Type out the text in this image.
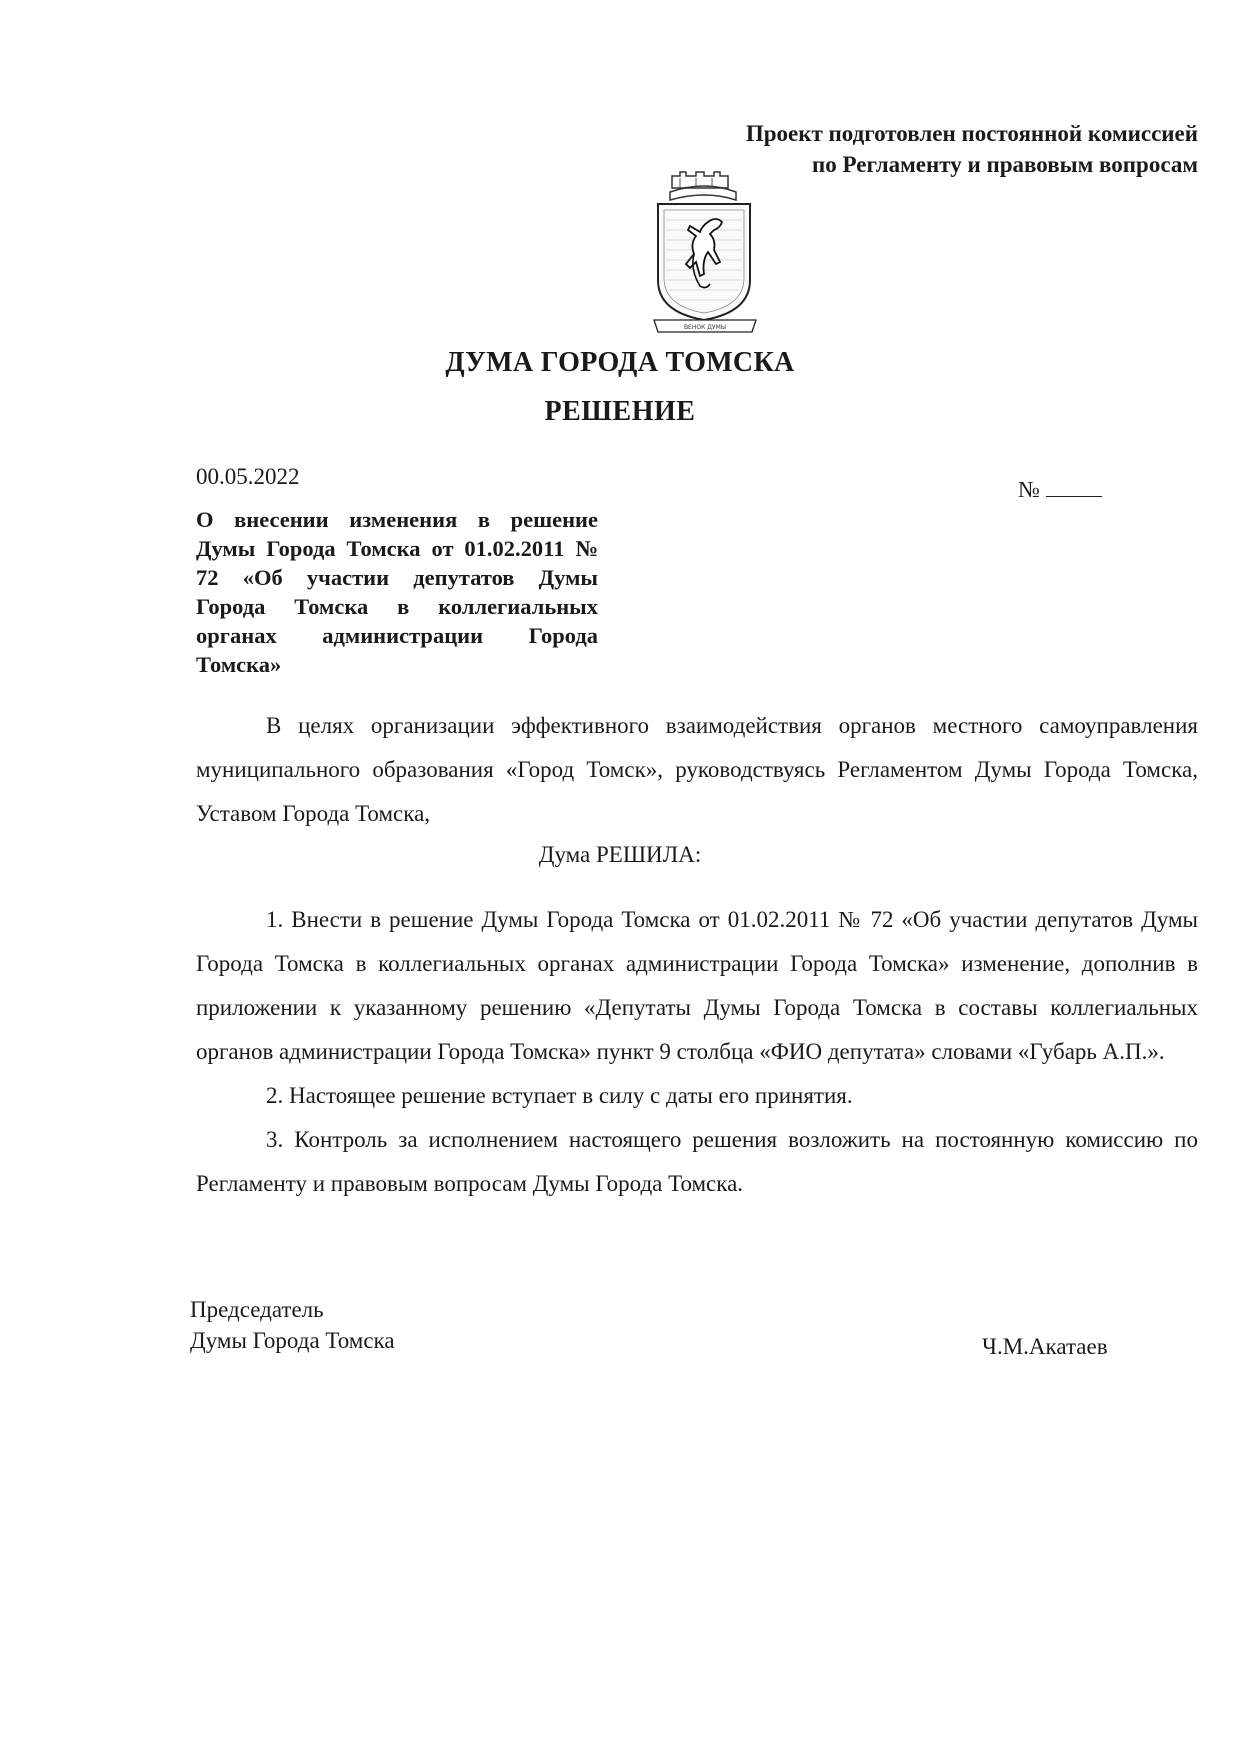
Проект подготовлен постоянной комиссией
по Регламенту и правовым вопросам
ВЕНОК ДУМЫ
ДУМА ГОРОДА ТОМСКА
РЕШЕНИЕ
00.05.2022
№
О внесении изменения в решение Думы Города Томска от 01.02.2011 № 72 «Об участии депутатов Думы Города Томска в коллегиальных органах администрации Города Томска»

В целях организации эффективного взаимодействия органов местного самоуправления муниципального образования «Город Томск», руководствуясь Регламентом Думы Города Томска, Уставом Города Томска,

Дума РЕШИЛА:

1. Внести в решение Думы Города Томска от 01.02.2011 № 72 «Об участии депутатов Думы Города Томска в коллегиальных органах администрации Города Томска» изменение, дополнив в приложении к указанному решению «Депутаты Думы Города Томска в составы коллегиальных органов администрации Города Томска» пункт 9 столбца «ФИО депутата» словами «Губарь А.П.».

2. Настоящее решение вступает в силу с даты его принятия.

3. Контроль за исполнением настоящего решения возложить на постоянную комиссию по Регламенту и правовым вопросам Думы Города Томска.

Председатель
Думы Города Томска	Ч.М.Акатаев
